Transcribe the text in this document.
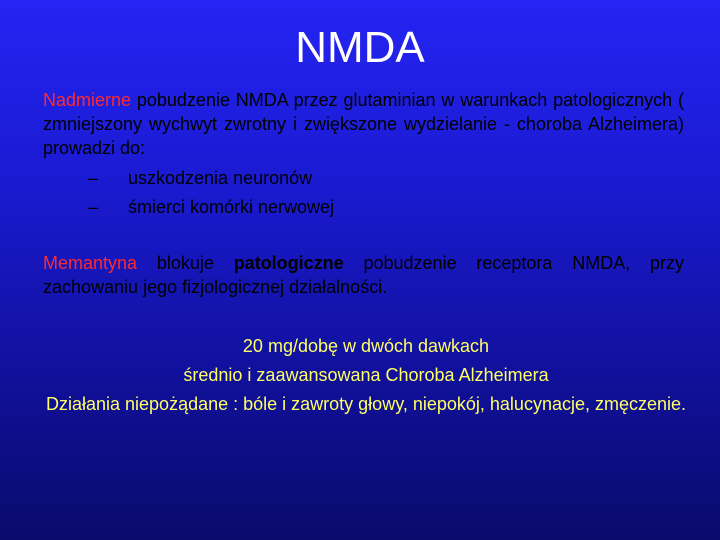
NMDA
Nadmierne pobudzenie NMDA przez glutaminian w warunkach patologicznych ( zmniejszony wychwyt zwrotny i zwiększone wydzielanie - choroba Alzheimera) prowadzi do:
–	uszkodzenia neuronów
–	śmierci komórki nerwowej
Memantyna blokuje patologiczne pobudzenie receptora NMDA, przy zachowaniu jego fizjologicznej działalności.
20 mg/dobę w dwóch dawkach
średnio i zaawansowana Choroba Alzheimera
Działania niepożądane : bóle i zawroty głowy, niepokój, halucynacje, zmęczenie.
